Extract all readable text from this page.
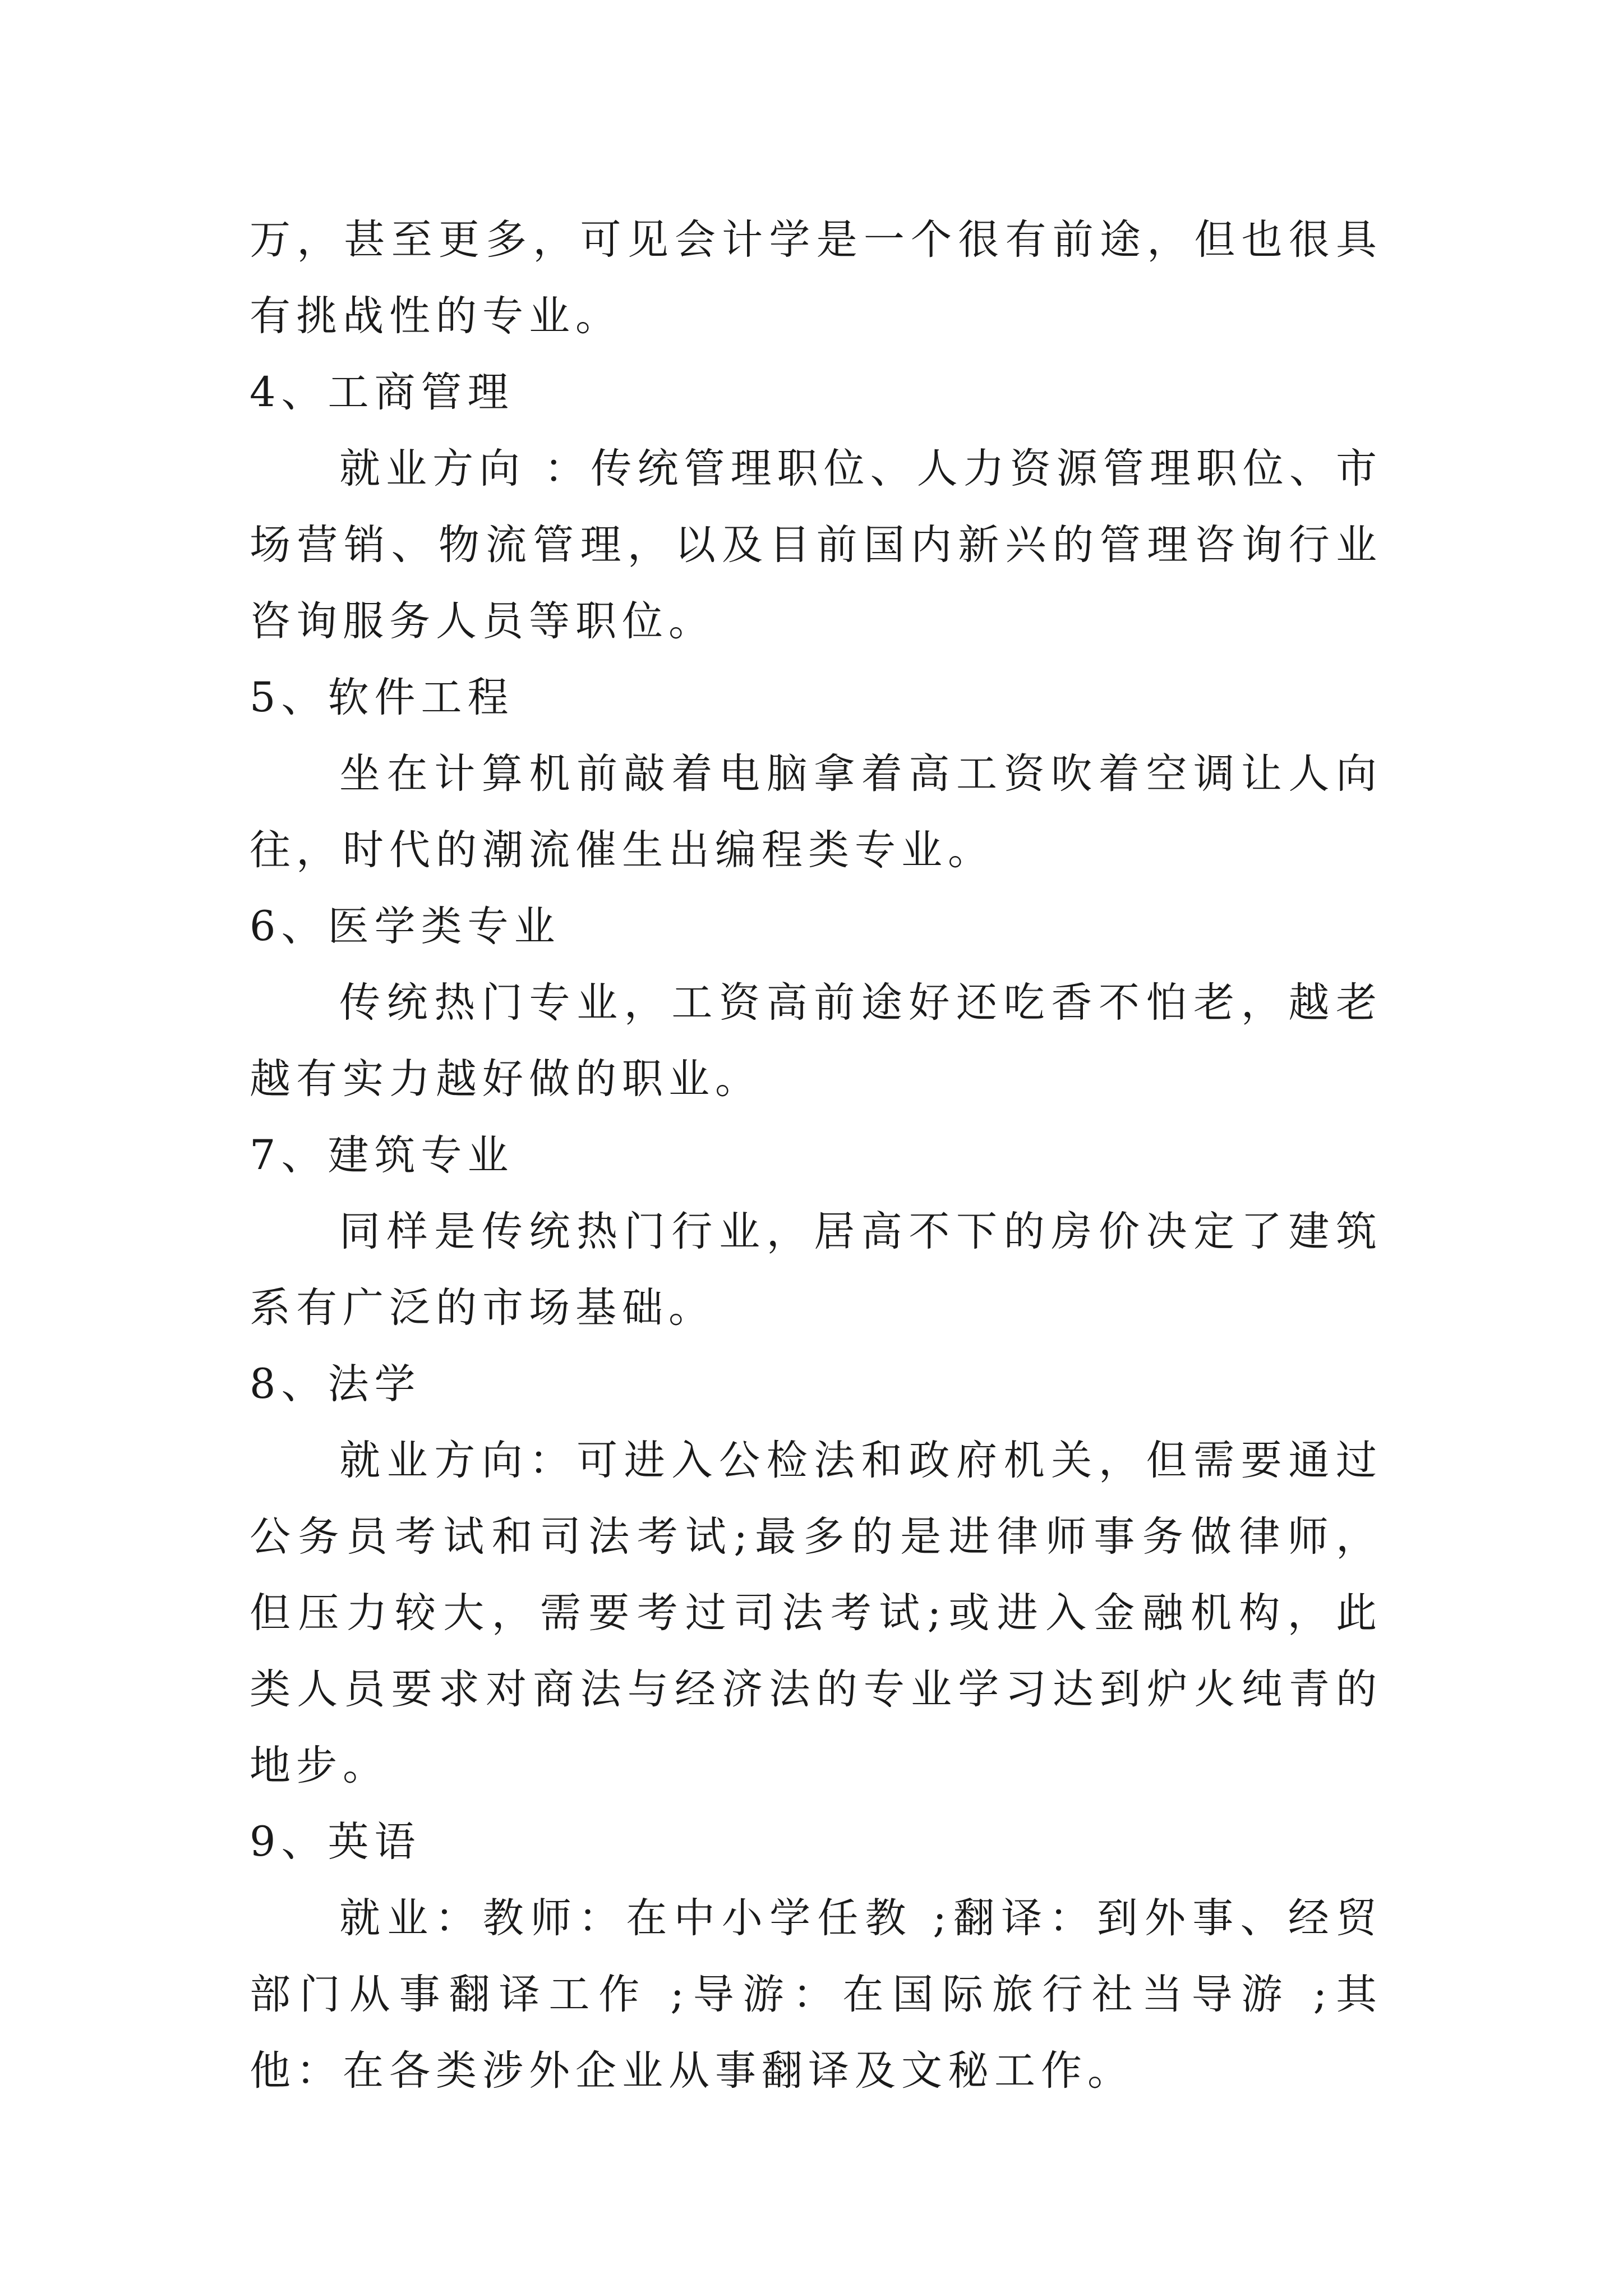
万，甚至更多，可见会计学是一个很有前途，但也很具有挑战性的专业。

4、工商管理

就业方向 ：传统管理职位、人力资源管理职位、市场营销、物流管理，以及目前国内新兴的管理咨询行业咨询服务人员等职位。

5、软件工程

坐在计算机前敲着电脑拿着高工资吹着空调让人向往，时代的潮流催生出编程类专业。

6、医学类专业

传统热门专业，工资高前途好还吃香不怕老，越老越有实力越好做的职业。

7、建筑专业

同样是传统热门行业，居高不下的房价决定了建筑系有广泛的市场基础。

8、法学

就业方向：可进入公检法和政府机关，但需要通过公务员考试和司法考试;最多的是进律师事务做律师，但压力较大，需要考过司法考试;或进入金融机构，此类人员要求对商法与经济法的专业学习达到炉火纯青的地步。

9、英语

就业：教师：在中小学任教 ;翻译：到外事、经贸部门从事翻译工作 ;导游：在国际旅行社当导游 ;其他：在各类涉外企业从事翻译及文秘工作。
